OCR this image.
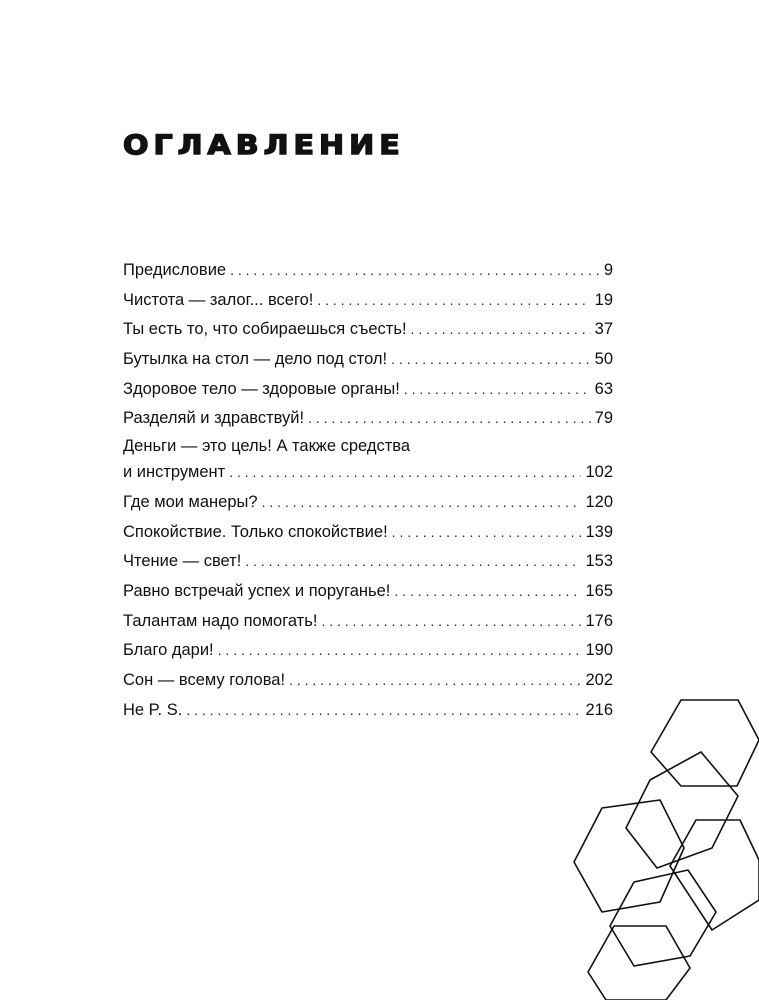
ОГЛАВЛЕНИЕ
Предисловие . . .	9
Чистота — залог... всего! . . .	19
Ты есть то, что собираешься съесть! . . .	37
Бутылка на стол — дело под стол! . . .	50
Здоровое тело — здоровые органы! . . .	63
Разделяй и здравствуй! . . .	79
Деньги — это цель! А также средства
и инструмент . . .	102
Где мои манеры? . . .	120
Спокойствие. Только спокойствие! . . .	139
Чтение — свет! . . .	153
Равно встречай успех и поруганье! . . .	165
Талантам надо помогать! . . .	176
Благо дари! . . .	190
Сон — всему голова! . . .	202
Не P. S. . . .	216
